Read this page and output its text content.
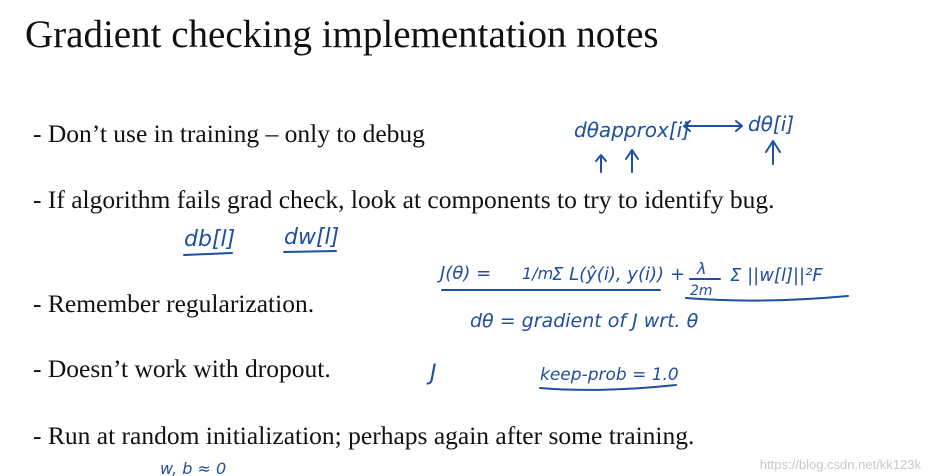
Gradient checking implementation notes
- Don’t use in training – only to debug
- If algorithm fails grad check, look at components to try to identify bug.
- Remember regularization.
- Doesn’t work with dropout.
- Run at random initialization; perhaps again after some training.
dθapprox[i]	dθ[i]
db[l] dw[l]
J(θ) = 1/m
Σ L(ŷ(i), y(i)) + λ
2m
Σ ||w[l]||²F
dθ = gradient of J wrt. θ
J	keep-prob = 1.0
w, b ≈ 0	https://blog.csdn.net/kk123k
